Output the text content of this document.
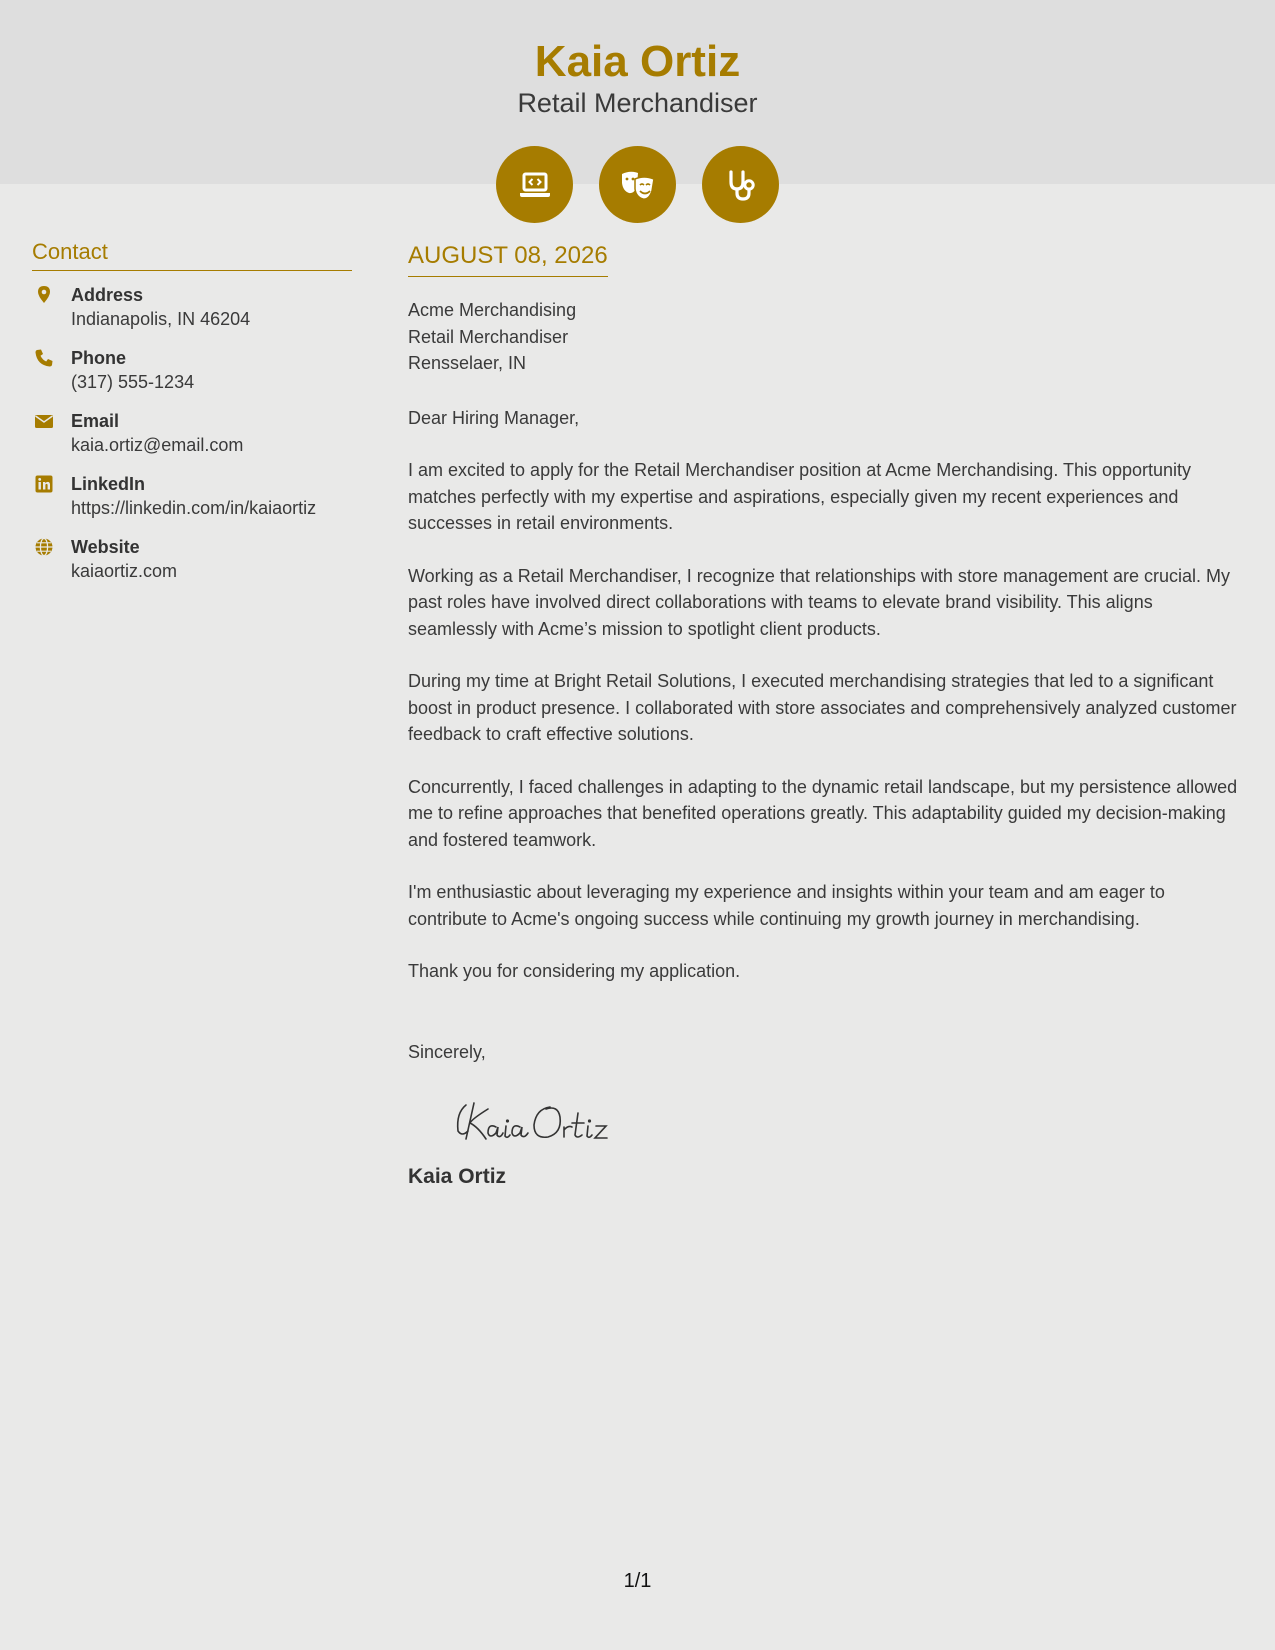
Kaia Ortiz
Retail Merchandiser
Contact
Address
Indianapolis, IN 46204
Phone
(317) 555-1234
Email
kaia.ortiz@email.com
LinkedIn
https://linkedin.com/in/kaiaortiz
Website
kaiaortiz.com
AUGUST 08, 2026
Acme Merchandising
Retail Merchandiser
Rensselaer, IN
Dear Hiring Manager,
I am excited to apply for the Retail Merchandiser position at Acme Merchandising. This opportunity matches perfectly with my expertise and aspirations, especially given my recent experiences and successes in retail environments.
Working as a Retail Merchandiser, I recognize that relationships with store management are crucial. My past roles have involved direct collaborations with teams to elevate brand visibility. This aligns seamlessly with Acme’s mission to spotlight client products.
During my time at Bright Retail Solutions, I executed merchandising strategies that led to a significant boost in product presence. I collaborated with store associates and comprehensively analyzed customer feedback to craft effective solutions.
Concurrently, I faced challenges in adapting to the dynamic retail landscape, but my persistence allowed me to refine approaches that benefited operations greatly. This adaptability guided my decision-making and fostered teamwork.
I'm enthusiastic about leveraging my experience and insights within your team and am eager to contribute to Acme's ongoing success while continuing my growth journey in merchandising.
Thank you for considering my application.
Sincerely,
Kaia Ortiz
1/1
